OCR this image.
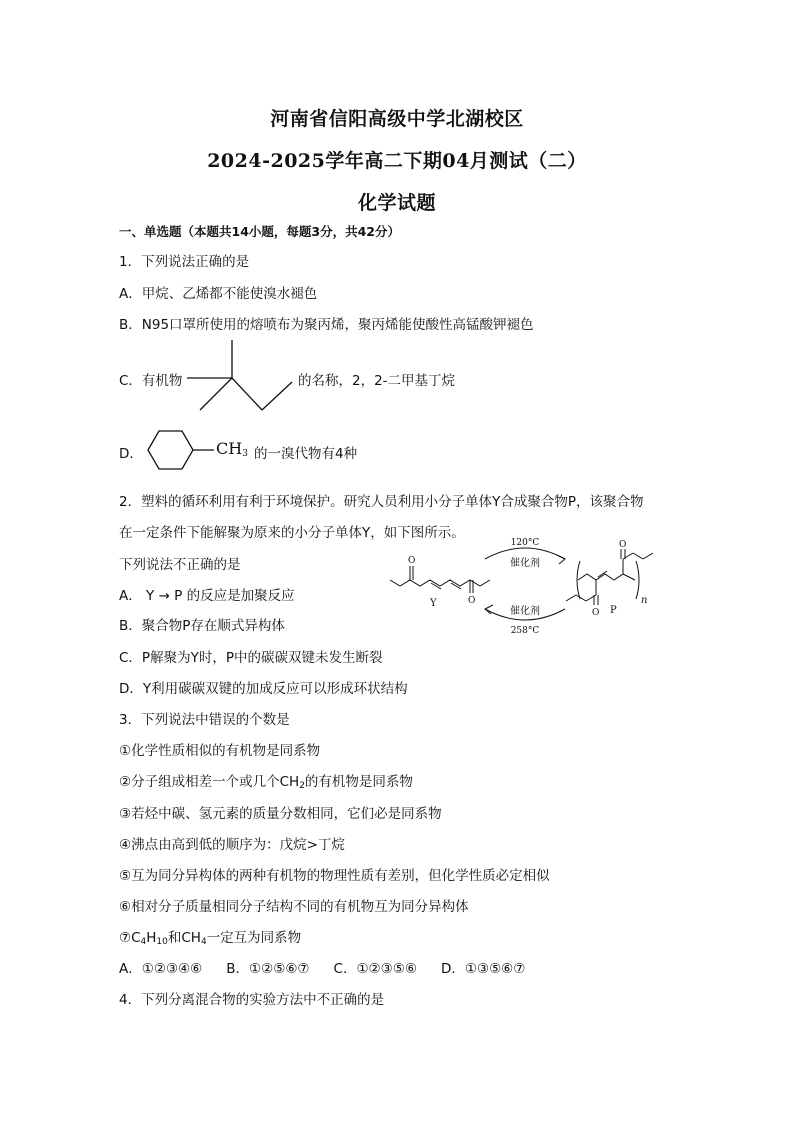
河南省信阳高级中学北湖校区
2024-2025学年高二下期04月测试（二）
化学试题
一、单选题（本题共14小题，每题3分，共42分）
1．下列说法正确的是
A．甲烷、乙烯都不能使溴水褪色
B．N95口罩所使用的熔喷布为聚丙烯，聚丙烯能使酸性高锰酸钾褪色
C．有机物	的名称，2，2-二甲基丁烷
D．	$CH_3$ 的一溴代物有4种
2．塑料的循环利用有利于环境保护。研究人员利用小分子单体Y合成聚合物P，该聚合物
在一定条件下能解聚为原来的小分子单体Y，如下图所示。
下列说法不正确的是
A． Y → P 的反应是加聚反应
B．聚合物P存在顺式异构体
C．P解聚为Y时，P中的碳碳双键未发生断裂
D．Y利用碳碳双键的加成反应可以形成环状结构
O
O
O
O
Y
P
n
120°C
258°C
催化剂
催化剂
3．下列说法中错误的个数是
①化学性质相似的有机物是同系物
②分子组成相差一个或几个$CH_2$的有机物是同系物
③若烃中碳、氢元素的质量分数相同，它们必是同系物
④沸点由高到低的顺序为：戊烷>丁烷
⑤互为同分异构体的两种有机物的物理性质有差别，但化学性质必定相似
⑥相对分子质量相同分子结构不同的有机物互为同分异构体
$⑦C_4H_{10}$和$CH_4$一定互为同系物
A．①②③④⑥ B．①②⑤⑥⑦ C．①②③⑤⑥ D．①③⑤⑥⑦
4．下列分离混合物的实验方法中不正确的是
